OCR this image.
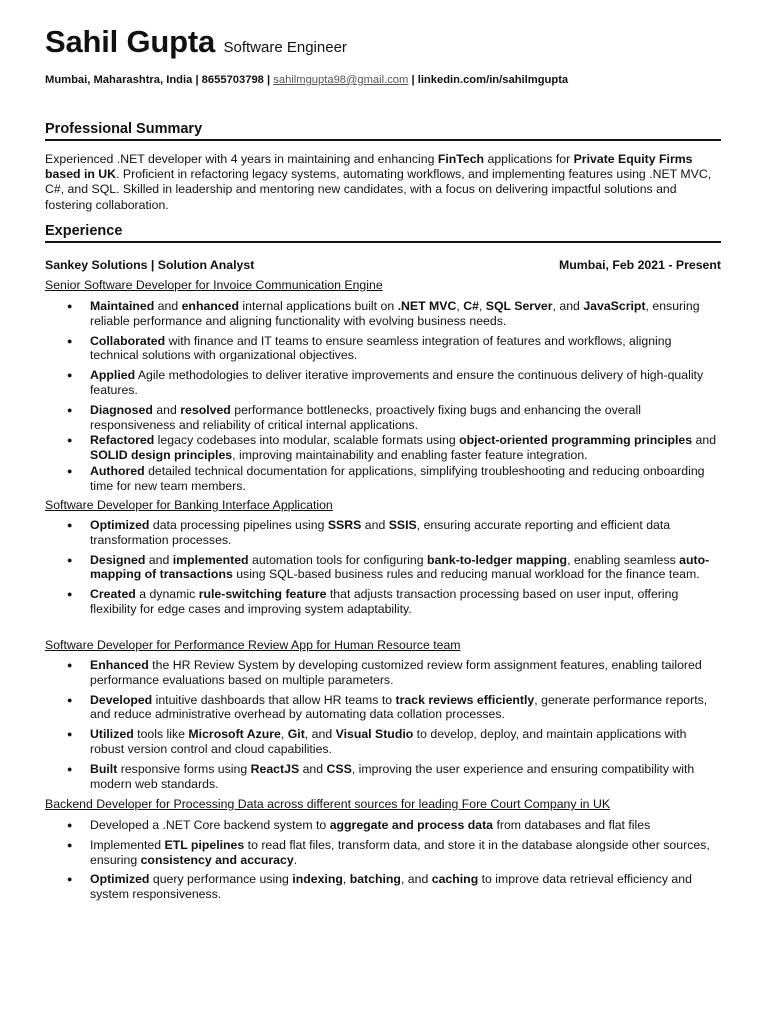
Sahil Gupta Software Engineer
Mumbai, Maharashtra, India | 8655703798 | sahilmgupta98@gmail.com | linkedin.com/in/sahilmgupta
Professional Summary
Experienced .NET developer with 4 years in maintaining and enhancing FinTech applications for Private Equity Firms based in UK. Proficient in refactoring legacy systems, automating workflows, and implementing features using .NET MVC, C#, and SQL. Skilled in leadership and mentoring new candidates, with a focus on delivering impactful solutions and fostering collaboration.
Experience
Sankey Solutions | Solution Analyst	Mumbai, Feb 2021 - Present
Senior Software Developer for Invoice Communication Engine
● Maintained and enhanced internal applications built on .NET MVC, C#, SQL Server, and JavaScript, ensuring reliable performance and aligning functionality with evolving business needs.
● Collaborated with finance and IT teams to ensure seamless integration of features and workflows, aligning technical solutions with organizational objectives.
● Applied Agile methodologies to deliver iterative improvements and ensure the continuous delivery of high-quality features.
● Diagnosed and resolved performance bottlenecks, proactively fixing bugs and enhancing the overall responsiveness and reliability of critical internal applications.
● Refactored legacy codebases into modular, scalable formats using object-oriented programming principles and SOLID design principles, improving maintainability and enabling faster feature integration.
● Authored detailed technical documentation for applications, simplifying troubleshooting and reducing onboarding time for new team members.
Software Developer for Banking Interface Application
● Optimized data processing pipelines using SSRS and SSIS, ensuring accurate reporting and efficient data transformation processes.
● Designed and implemented automation tools for configuring bank-to-ledger mapping, enabling seamless auto-mapping of transactions using SQL-based business rules and reducing manual workload for the finance team.
● Created a dynamic rule-switching feature that adjusts transaction processing based on user input, offering flexibility for edge cases and improving system adaptability.
Software Developer for Performance Review App for Human Resource team
● Enhanced the HR Review System by developing customized review form assignment features, enabling tailored performance evaluations based on multiple parameters.
● Developed intuitive dashboards that allow HR teams to track reviews efficiently, generate performance reports, and reduce administrative overhead by automating data collation processes.
● Utilized tools like Microsoft Azure, Git, and Visual Studio to develop, deploy, and maintain applications with robust version control and cloud capabilities.
● Built responsive forms using ReactJS and CSS, improving the user experience and ensuring compatibility with modern web standards.
Backend Developer for Processing Data across different sources for leading Fore Court Company in UK
● Developed a .NET Core backend system to aggregate and process data from databases and flat files
● Implemented ETL pipelines to read flat files, transform data, and store it in the database alongside other sources, ensuring consistency and accuracy.
● Optimized query performance using indexing, batching, and caching to improve data retrieval efficiency and system responsiveness.
